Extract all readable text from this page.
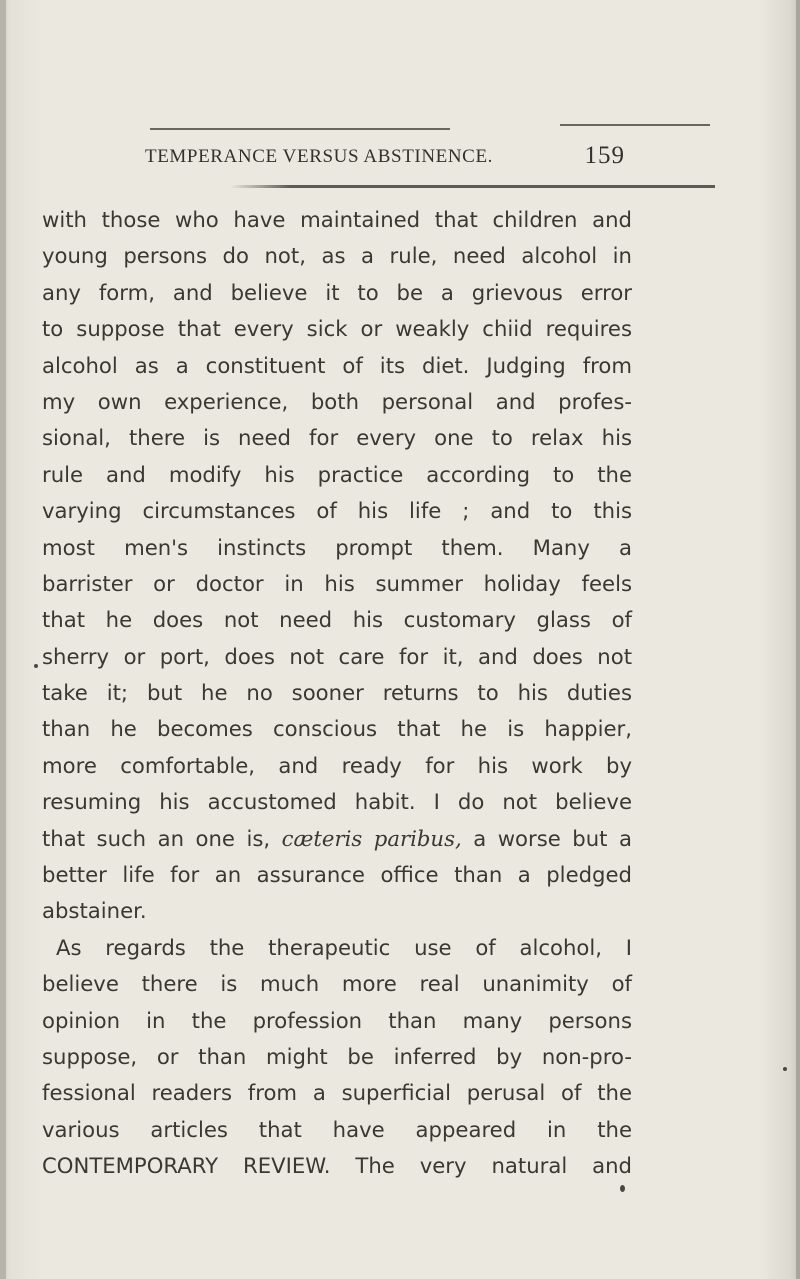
TEMPERANCE VERSUS ABSTINENCE.	159
with those who have maintained that children and
young persons do not, as a rule, need alcohol in
any form, and believe it to be a grievous error
to suppose that every sick or weakly chiid requires
alcohol as a constituent of its diet. Judging from
my own experience, both personal and profes-
sional, there is need for every one to relax his
rule and modify his practice according to the
varying circumstances of his life ; and to this
most men's instincts prompt them. Many a
barrister or doctor in his summer holiday feels
that he does not need his customary glass of
sherry or port, does not care for it, and does not
take it; but he no sooner returns to his duties
than he becomes conscious that he is happier,
more comfortable, and ready for his work by
resuming his accustomed habit. I do not believe
that such an one is, cæteris paribus, a worse but a
better life for an assurance office than a pledged
abstainer.
As regards the therapeutic use of alcohol, I
believe there is much more real unanimity of
opinion in the profession than many persons
suppose, or than might be inferred by non-pro-
fessional readers from a superficial perusal of the
various articles that have appeared in the
CONTEMPORARY REVIEW. The very natural and
